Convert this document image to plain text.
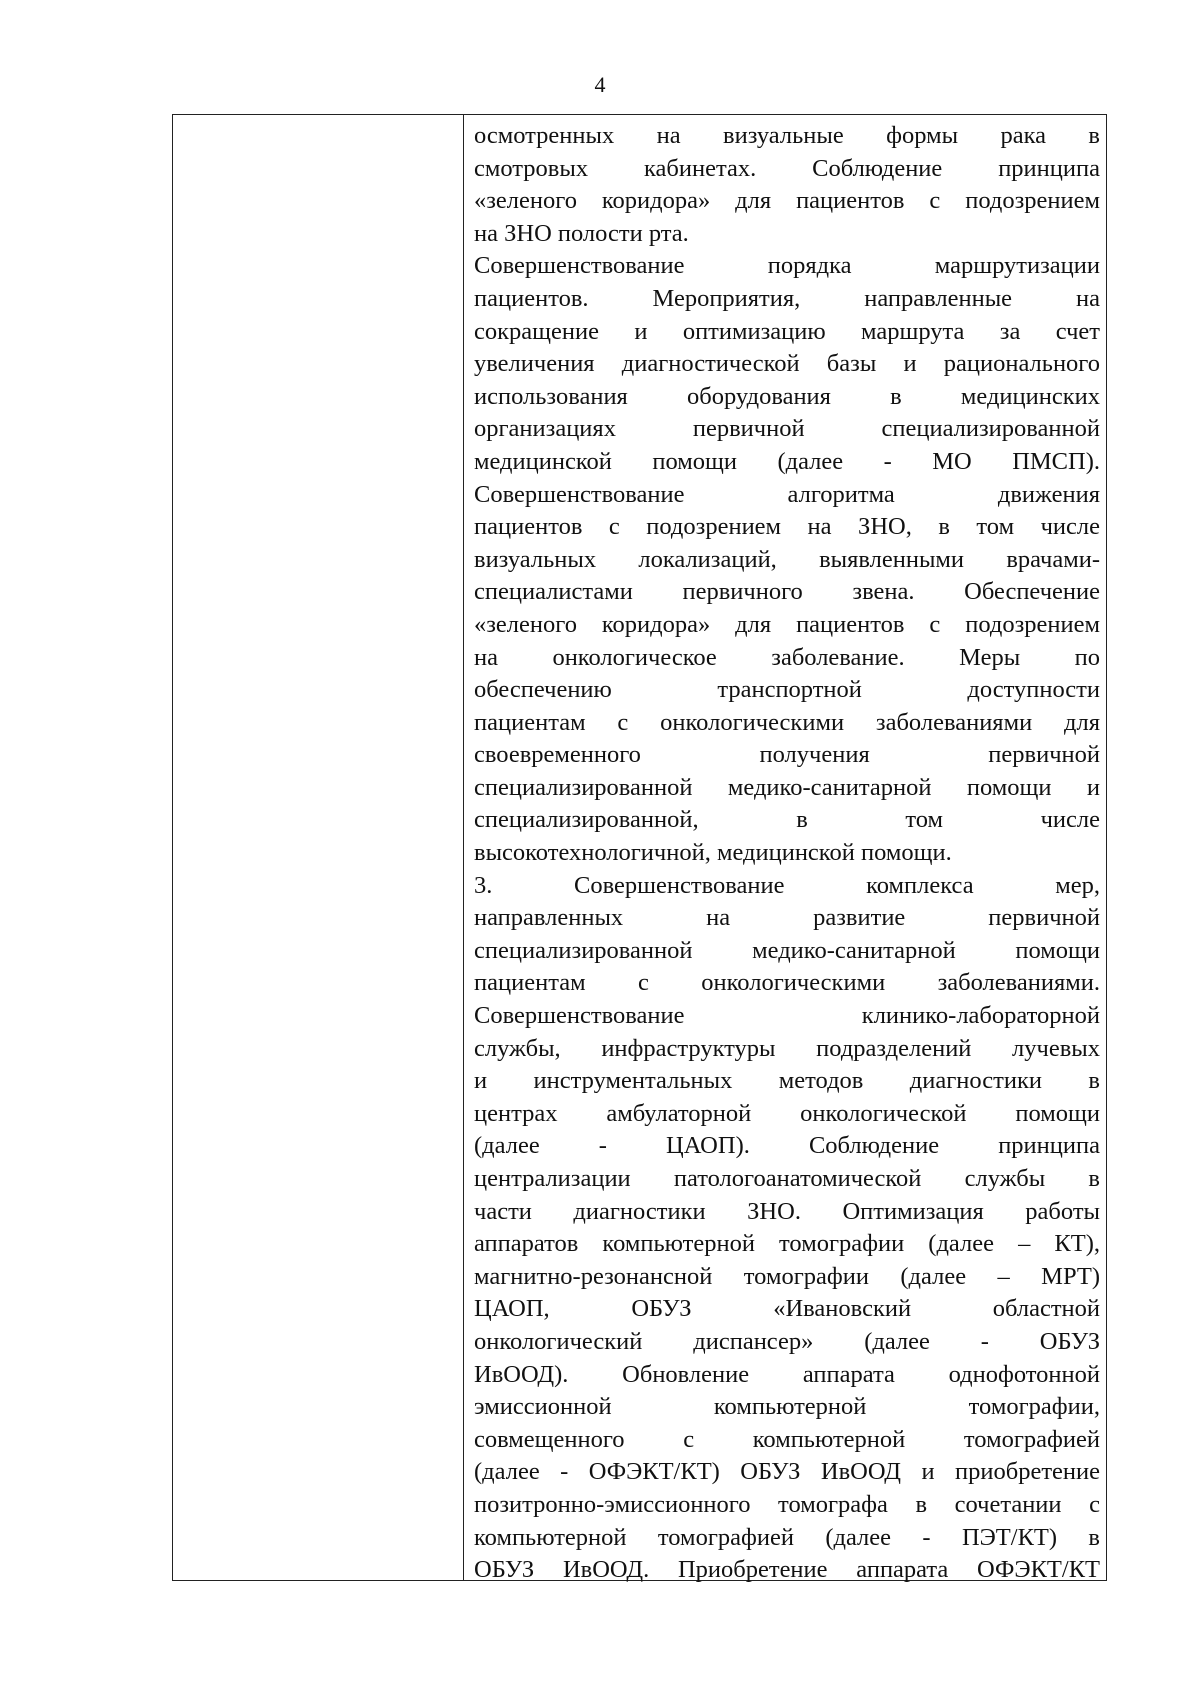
4
осмотренных на визуальные формы рака в
смотровых кабинетах. Соблюдение принципа
«зеленого коридора» для пациентов с подозрением
на ЗНО полости рта.
Совершенствование порядка маршрутизации
пациентов. Мероприятия, направленные на
сокращение и оптимизацию маршрута за счет
увеличения диагностической базы и рационального
использования оборудования в медицинских
организациях первичной специализированной
медицинской помощи (далее - МО ПМСП).
Совершенствование алгоритма движения
пациентов с подозрением на ЗНО, в том числе
визуальных локализаций, выявленными врачами-
специалистами первичного звена. Обеспечение
«зеленого коридора» для пациентов с подозрением
на онкологическое заболевание. Меры по
обеспечению транспортной доступности
пациентам с онкологическими заболеваниями для
своевременного получения первичной
специализированной медико-санитарной помощи и
специализированной, в том числе
высокотехнологичной, медицинской помощи.
3. Совершенствование комплекса мер,
направленных на развитие первичной
специализированной медико-санитарной помощи
пациентам с онкологическими заболеваниями.
Совершенствование клинико-лабораторной
службы, инфраструктуры подразделений лучевых
и инструментальных методов диагностики в
центрах амбулаторной онкологической помощи
(далее - ЦАОП). Соблюдение принципа
централизации патологоанатомической службы в
части диагностики ЗНО. Оптимизация работы
аппаратов компьютерной томографии (далее – КТ),
магнитно-резонансной томографии (далее – МРТ)
ЦАОП, ОБУЗ «Ивановский областной
онкологический диспансер» (далее - ОБУЗ
ИвООД). Обновление аппарата однофотонной
эмиссионной компьютерной томографии,
совмещенного с компьютерной томографией
(далее - ОФЭКТ/КТ) ОБУЗ ИвООД и приобретение
позитронно-эмиссионного томографа в сочетании с
компьютерной томографией (далее - ПЭТ/КТ) в
ОБУЗ ИвООД. Приобретение аппарата ОФЭКТ/КТ
